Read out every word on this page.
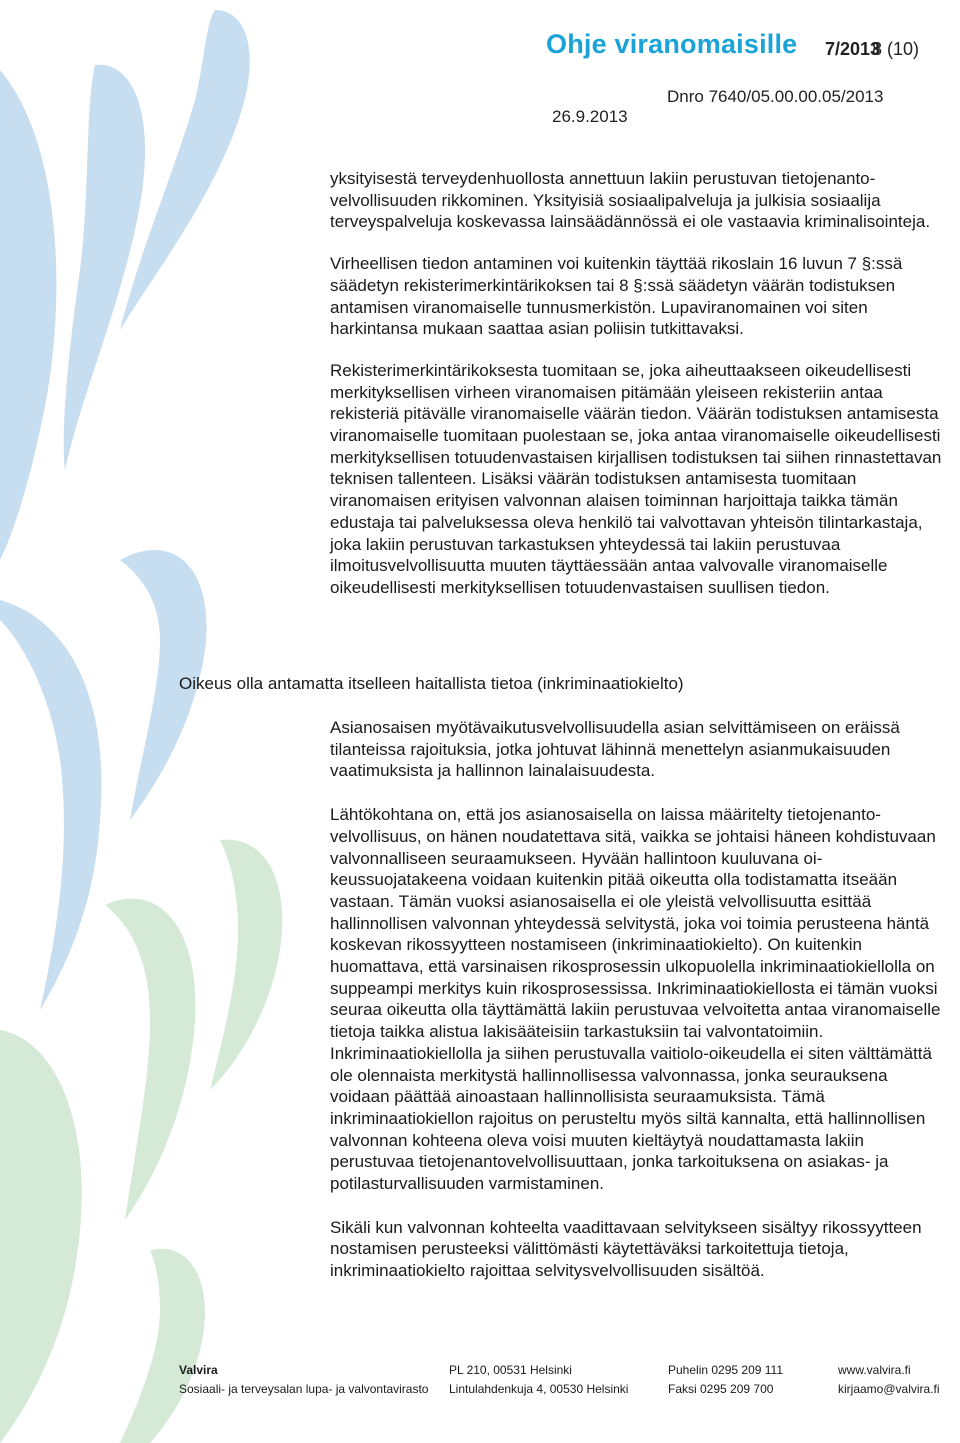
Ohje viranomaisille 7/2013
8 (10)
Dnro 7640/05.00.00.05/2013
26.9.2013

yksityisestä terveydenhuollosta annettuun lakiin perustuvan tietojenantovelvollisuuden rikkominen. Yksityisiä sosiaalipalveluja ja julkisia sosiaalija terveyspalveluja koskevassa lainsäädännössä ei ole vastaavia kriminalisointeja.

Virheellisen tiedon antaminen voi kuitenkin täyttää rikoslain 16 luvun 7 §:ssä säädetyn rekisterimerkintärikoksen tai 8 §:ssä säädetyn väärän todistuksen antamisen viranomaiselle tunnusmerkistön. Lupaviranomainen voi siten harkintansa mukaan saattaa asian poliisin tutkittavaksi.

Rekisterimerkintärikoksesta tuomitaan se, joka aiheuttaakseen oikeudellisesti merkityksellisen virheen viranomaisen pitämään yleiseen rekisteriin antaa rekisteriä pitävälle viranomaiselle väärän tiedon. Väärän todistuksen antamisesta viranomaiselle tuomitaan puolestaan se, joka antaa viranomaiselle oikeudellisesti merkityksellisen totuudenvastaisen kirjallisen todistuksen tai siihen rinnastettavan teknisen tallenteen. Lisäksi väärän todistuksen antamisesta tuomitaan viranomaisen erityisen valvonnan alaisen toiminnan harjoittaja taikka tämän edustaja tai palveluksessa oleva henkilö tai valvottavan yhteisön tilintarkastaja, joka lakiin perustuvan tarkastuksen yhteydessä tai lakiin perustuvaa ilmoitusvelvollisuutta muuten täyttäessään antaa valvovalle viranomaiselle oikeudellisesti merkityksellisen totuudenvastaisen suullisen tiedon.

Oikeus olla antamatta itselleen haitallista tietoa (inkriminaatiokielto)

Asianosaisen myötävaikutusvelvollisuudella asian selvittämiseen on eräissä tilanteissa rajoituksia, jotka johtuvat lähinnä menettelyn asianmukaisuuden vaatimuksista ja hallinnon lainalaisuudesta.

Lähtökohtana on, että jos asianosaisella on laissa määritelty tietojenantovelvollisuus, on hänen noudatettava sitä, vaikka se johtaisi häneen kohdistuvaan valvonnalliseen seuraamukseen. Hyvään hallintoon kuuluvana oikeussuojatakeena voidaan kuitenkin pitää oikeutta olla todistamatta itseään vastaan. Tämän vuoksi asianosaisella ei ole yleistä velvollisuutta esittää hallinnollisen valvonnan yhteydessä selvitystä, joka voi toimia perusteena häntä koskevan rikossyytteen nostamiseen (inkriminaatiokielto). On kuitenkin huomattava, että varsinaisen rikosprosessin ulkopuolella inkriminaatiokiellolla on suppeampi merkitys kuin rikosprosessissa. Inkriminaatiokiellosta ei tämän vuoksi seuraa oikeutta olla täyttämättä lakiin perustuvaa velvoitetta antaa viranomaiselle tietoja taikka alistua lakisääteisiin tarkastuksiin tai valvontatoimiin. Inkriminaatiokiellolla ja siihen perustuvalla vaitiolo-oikeudella ei siten välttämättä ole olennaista merkitystä hallinnollisessa valvonnassa, jonka seurauksena voidaan päättää ainoastaan hallinnollisista seuraamuksista. Tämä inkriminaatiokiellon rajoitus on perusteltu myös siltä kannalta, että hallinnollisen valvonnan kohteena oleva voisi muuten kieltäytyä noudattamasta lakiin perustuvaa tietojenantovelvollisuuttaan, jonka tarkoituksena on asiakas- ja potilasturvallisuuden varmistaminen.

Sikäli kun valvonnan kohteelta vaadittavaan selvitykseen sisältyy rikossyytteen nostamisen perusteeksi välittömästi käytettäväksi tarkoitettuja tietoja, inkriminaatiokielto rajoittaa selvitysvelvollisuuden sisältöä.

Valvira
Sosiaali- ja terveysalan lupa- ja valvontavirasto
PL 210, 00531 Helsinki
Lintulahdenkuja 4, 00530 Helsinki
Puhelin 0295 209 111
Faksi 0295 209 700
www.valvira.fi
kirjaamo@valvira.fi
